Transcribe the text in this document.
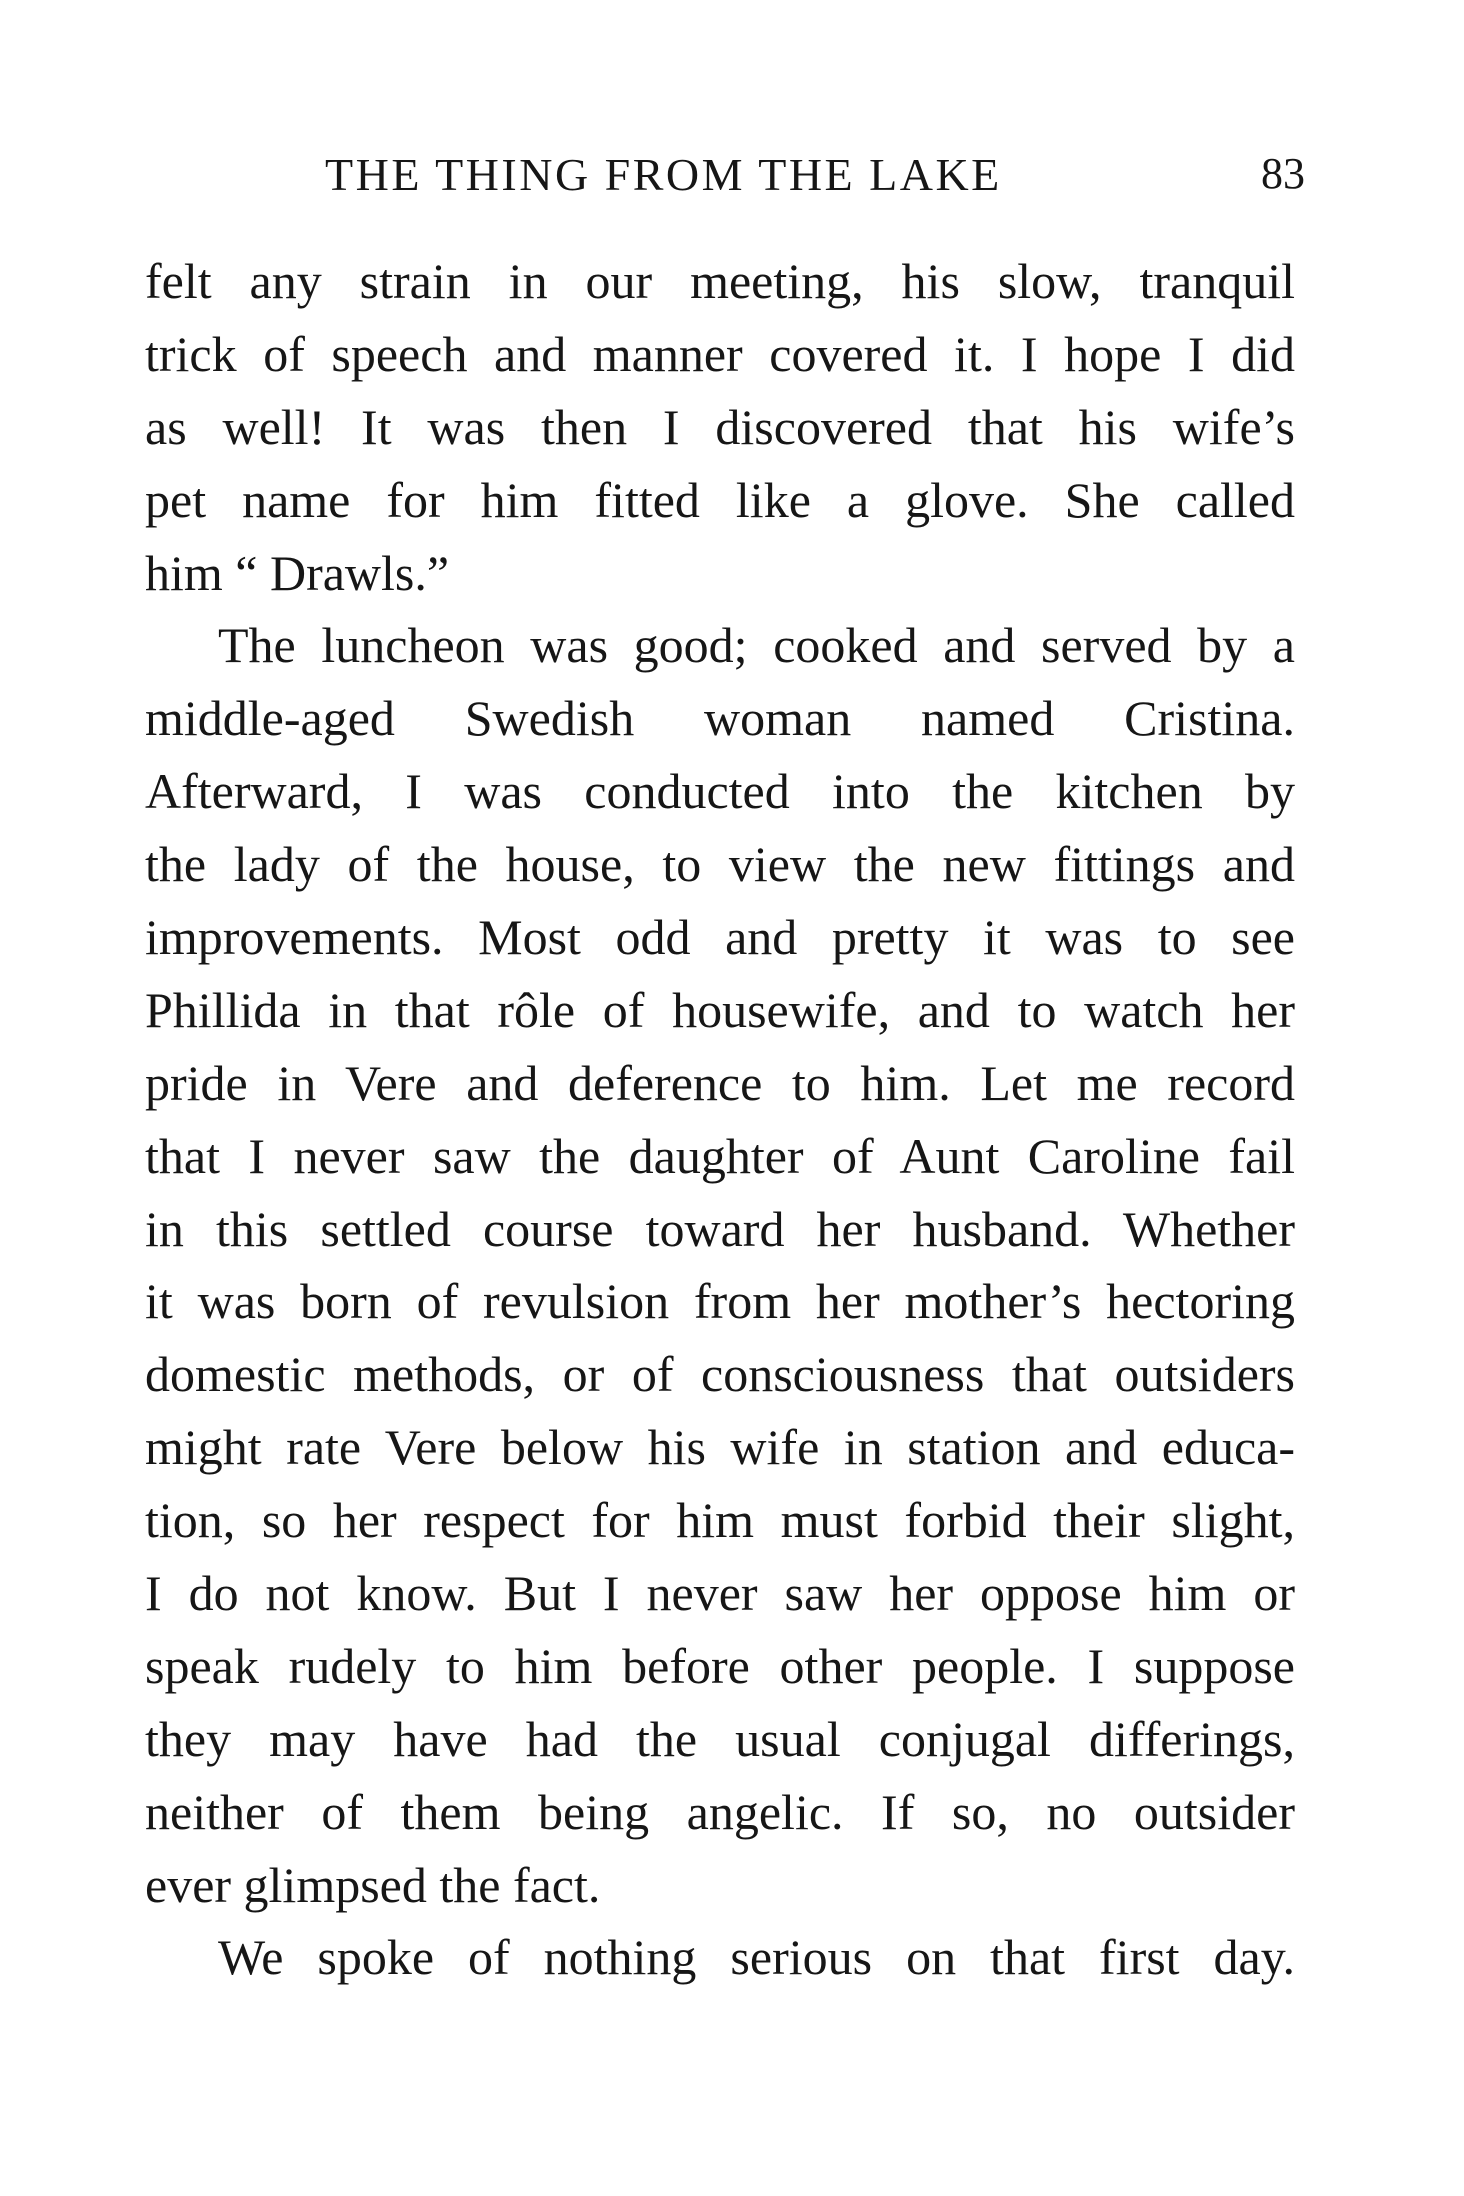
THE THING FROM THE LAKE	83
felt any strain in our meeting, his slow, tranquil
trick of speech and manner covered it. I hope I did
as well! It was then I discovered that his wife’s
pet name for him fitted like a glove. She called
him “ Drawls.”
The luncheon was good; cooked and served by a
middle-aged Swedish woman named Cristina.
Afterward, I was conducted into the kitchen by
the lady of the house, to view the new fittings and
improvements. Most odd and pretty it was to see
Phillida in that rôle of housewife, and to watch her
pride in Vere and deference to him. Let me record
that I never saw the daughter of Aunt Caroline fail
in this settled course toward her husband. Whether
it was born of revulsion from her mother’s hectoring
domestic methods, or of consciousness that outsiders
might rate Vere below his wife in station and educa-
tion, so her respect for him must forbid their slight,
I do not know. But I never saw her oppose him or
speak rudely to him before other people. I suppose
they may have had the usual conjugal differings,
neither of them being angelic. If so, no outsider
ever glimpsed the fact.
We spoke of nothing serious on that first day.
